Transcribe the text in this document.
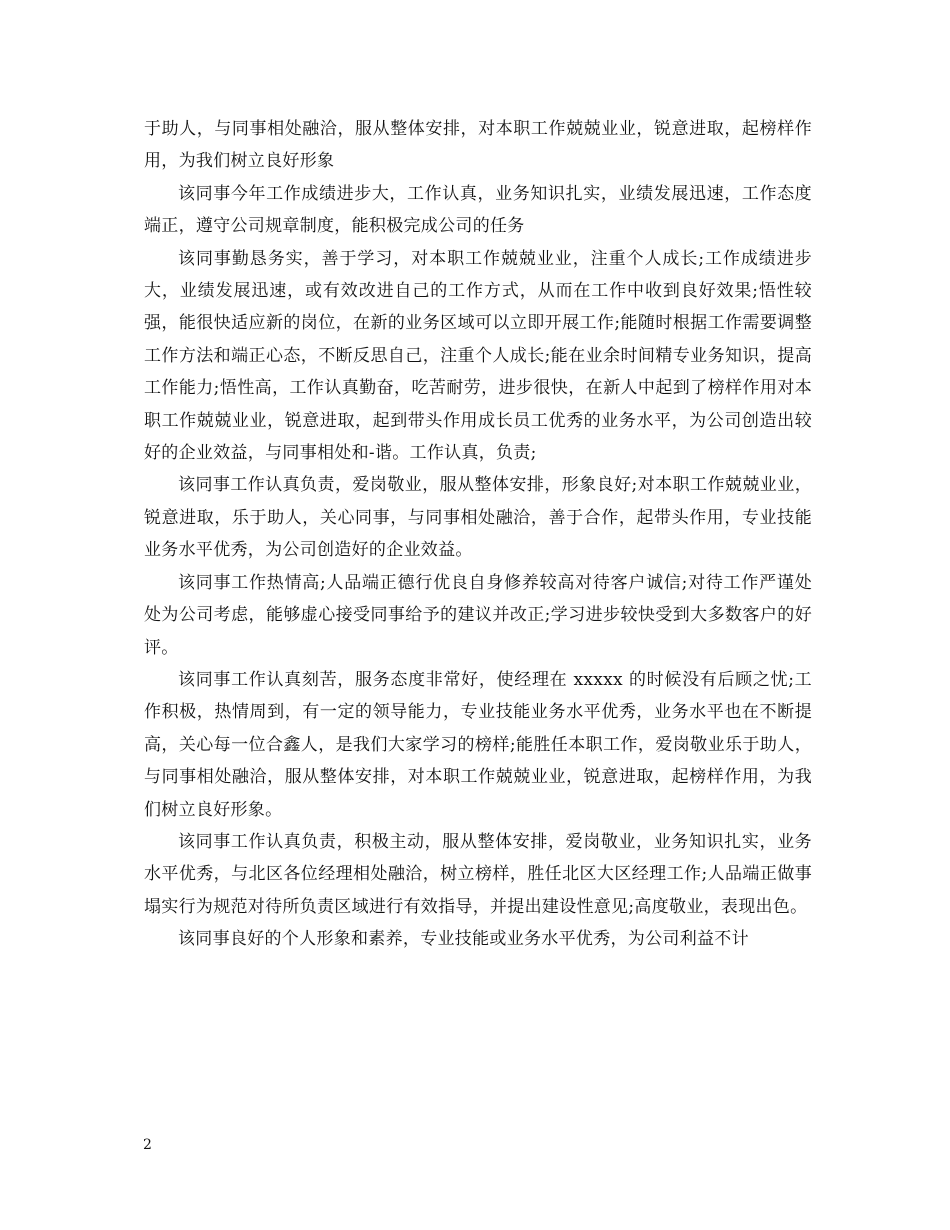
于助人，与同事相处融洽，服从整体安排，对本职工作兢兢业业，锐意进取，起榜样作用，为我们树立良好形象

该同事今年工作成绩进步大，工作认真，业务知识扎实，业绩发展迅速，工作态度端正，遵守公司规章制度，能积极完成公司的任务

该同事勤恳务实，善于学习，对本职工作兢兢业业，注重个人成长;工作成绩进步大，业绩发展迅速，或有效改进自己的工作方式，从而在工作中收到良好效果;悟性较强，能很快适应新的岗位，在新的业务区域可以立即开展工作;能随时根据工作需要调整工作方法和端正心态，不断反思自己，注重个人成长;能在业余时间精专业务知识，提高工作能力;悟性高，工作认真勤奋，吃苦耐劳，进步很快，在新人中起到了榜样作用对本职工作兢兢业业，锐意进取，起到带头作用成长员工优秀的业务水平，为公司创造出较好的企业效益，与同事相处和-谐。工作认真，负责;

该同事工作认真负责，爱岗敬业，服从整体安排，形象良好;对本职工作兢兢业业，锐意进取，乐于助人，关心同事，与同事相处融洽，善于合作，起带头作用，专业技能业务水平优秀，为公司创造好的企业效益。

该同事工作热情高;人品端正德行优良自身修养较高对待客户诚信;对待工作严谨处处为公司考虑，能够虚心接受同事给予的建议并改正;学习进步较快受到大多数客户的好评。

该同事工作认真刻苦，服务态度非常好，使经理在 xxxxx 的时候没有后顾之忧;工作积极，热情周到，有一定的领导能力，专业技能业务水平优秀，业务水平也在不断提高，关心每一位合鑫人，是我们大家学习的榜样;能胜任本职工作，爱岗敬业乐于助人，与同事相处融洽，服从整体安排，对本职工作兢兢业业，锐意进取，起榜样作用，为我们树立良好形象。

该同事工作认真负责，积极主动，服从整体安排，爱岗敬业，业务知识扎实，业务水平优秀，与北区各位经理相处融洽，树立榜样，胜任北区大区经理工作;人品端正做事塌实行为规范对待所负责区域进行有效指导，并提出建设性意见;高度敬业，表现出色。

该同事良好的个人形象和素养，专业技能或业务水平优秀，为公司利益不计

2
